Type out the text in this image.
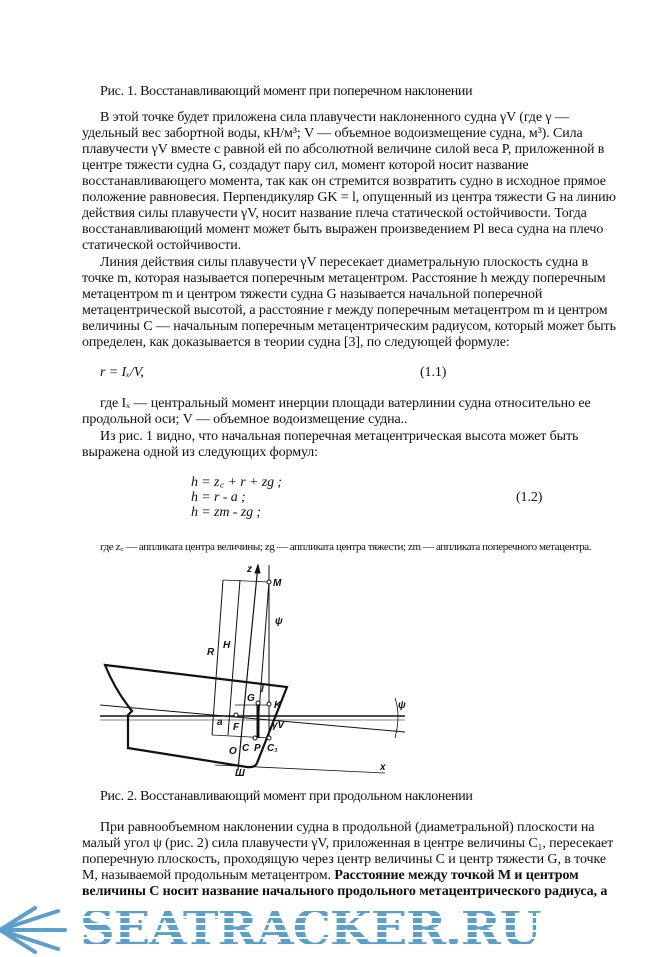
Рис. 1. Восстанавливающий момент при поперечном наклонении
В этой точке будет приложена сила плавучести наклоненного судна γV (где γ —
удельный вес забортной воды, кН/м³; V — объемное водоизмещение судна, м³). Сила
плавучести γV вместе с равной ей по абсолютной величине силой веса P, приложенной в
центре тяжести судна G, создадут пару сил, момент которой носит название
восстанавливающего момента, так как он стремится возвратить судно в исходное прямое
положение равновесия. Перпендикуляр GK = l, опущенный из центра тяжести G на линию
действия силы плавучести γV, носит название плеча статической остойчивости. Тогда
восстанавливающий момент может быть выражен произведением Pl веса судна на плечо
статической остойчивости.
Линия действия силы плавучести γV пересекает диаметральную плоскость судна в
точке m, которая называется поперечным метацентром. Расстояние h между поперечным
метацентром m и центром тяжести судна G называется начальной поперечной
метацентрической высотой, а расстояние r между поперечным метацентром m и центром
величины C — начальным поперечным метацентрическим радиусом, который может быть
определен, как доказывается в теории судна [3], по следующей формуле:
r = Iₓ/V,	(1.1)
где Iₓ — центральный момент инерции площади ватерлинии судна относительно ее
продольной оси; V — объемное водоизмещение судна..
Из рис. 1 видно, что начальная поперечная метацентрическая высота может быть
выражена одной из следующих формул:
h = z꜀ + r + zg ;
h = r - a ;
h = zm - zg ;
(1.2)
где z꜀ — аппликата центра величины; zg — аппликата центра тяжести; zm — аппликата поперечного метацентра.
z
M
R
H
ψ
l
G
K
F
a	γV
O C P C₁
Ш
x
ψ
Рис. 2. Восстанавливающий момент при продольном наклонении
При равнообъемном наклонении судна в продольной (диаметральной) плоскости на
малый угол ψ (рис. 2) сила плавучести γV, приложенная в центре величины C₁, пересекает
поперечную плоскость, проходящую через центр величины C и центр тяжести G, в точке
M, называемой продольным метацентром. Расстояние между точкой M и центром
величины C носит название начального продольного метацентрического радиуса, а
SEATRACKER.RU
